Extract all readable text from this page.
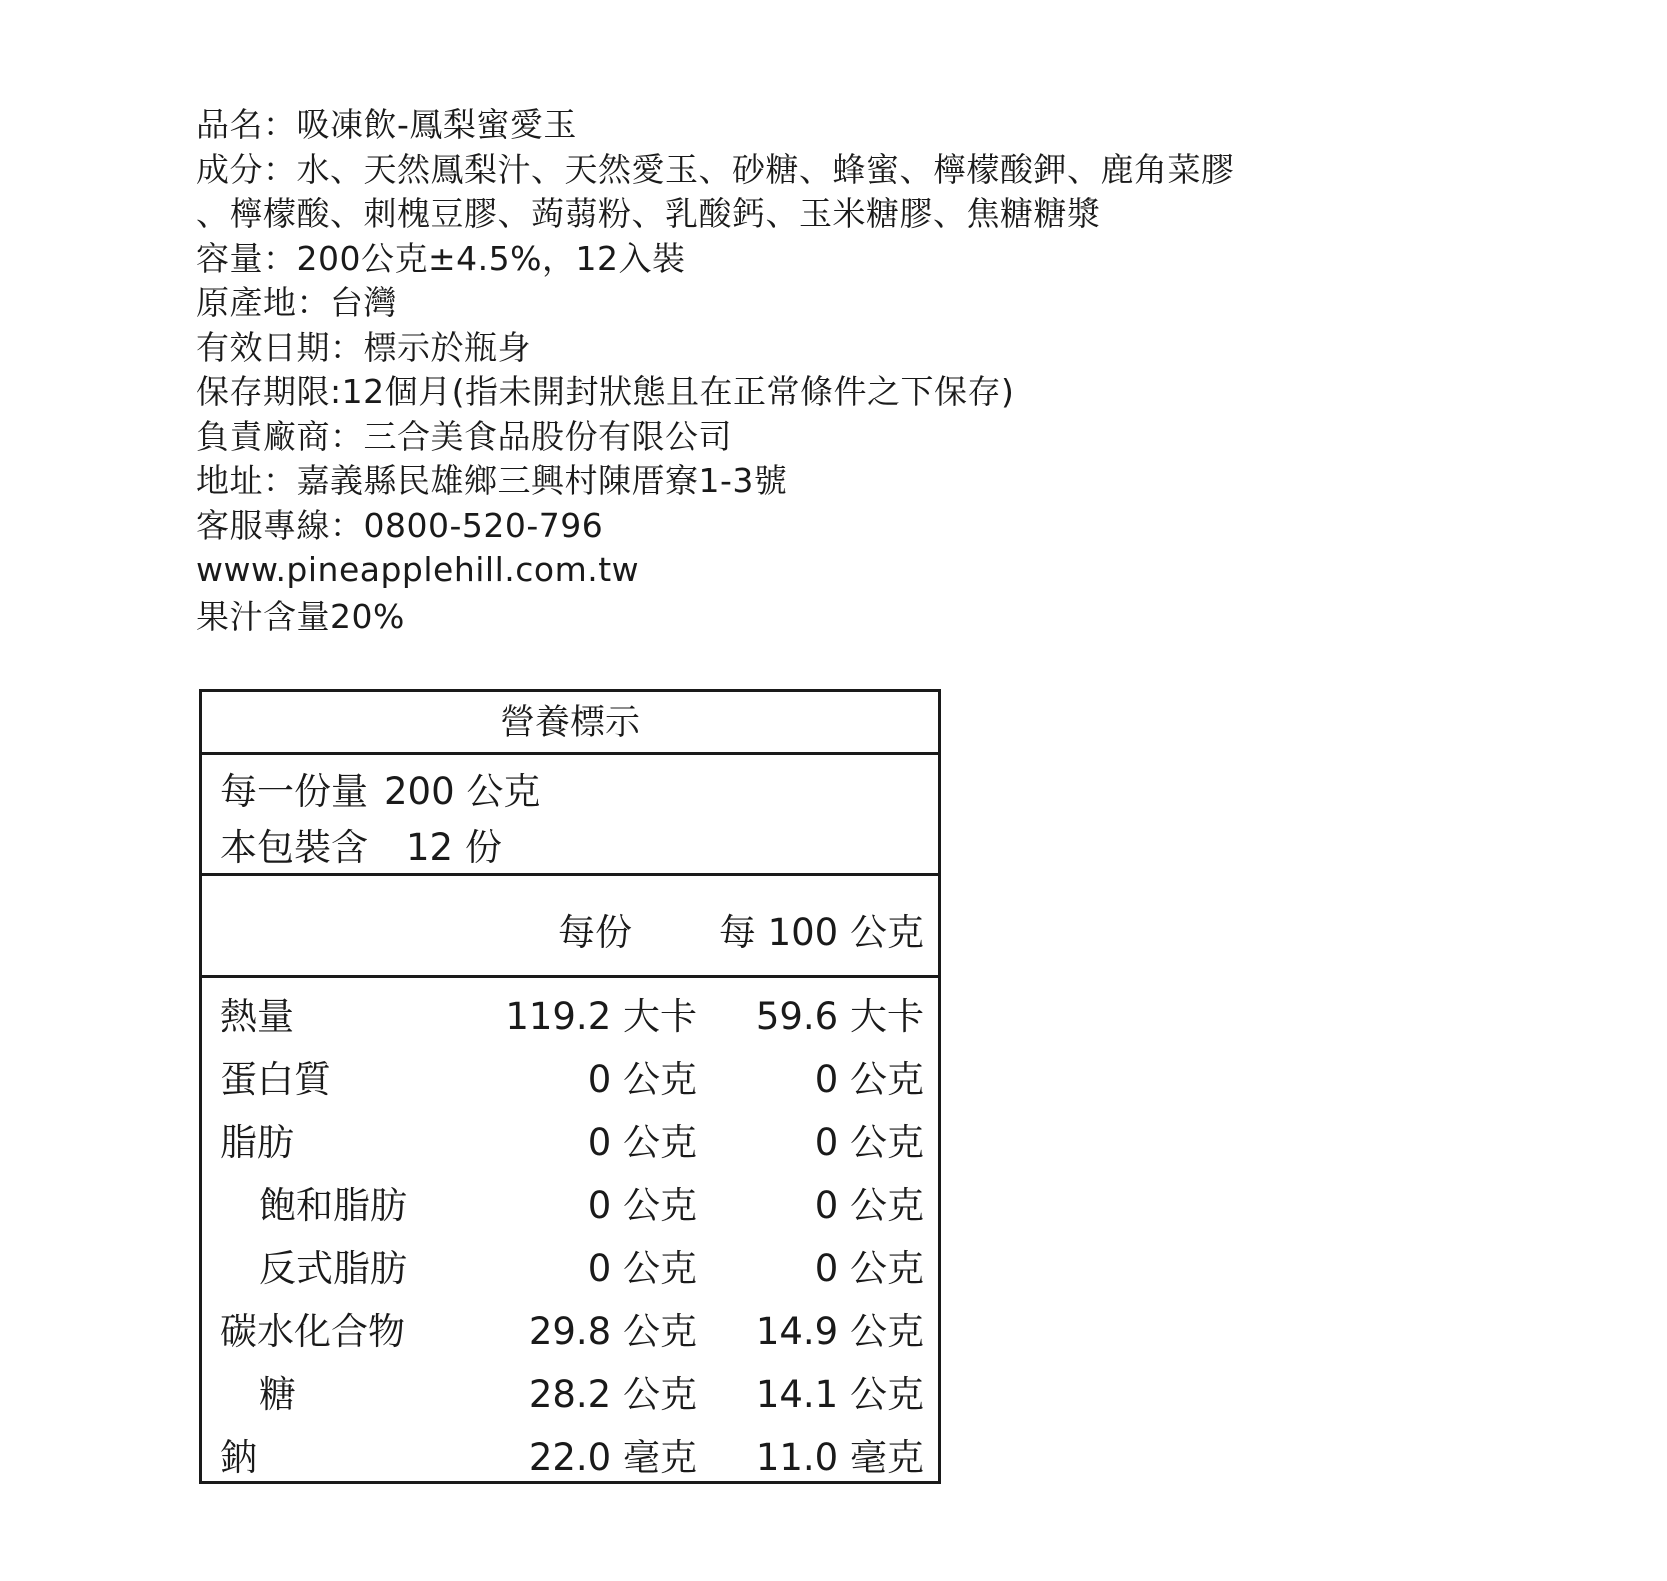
品名：吸凍飲-鳳梨蜜愛玉
成分：水、天然鳳梨汁、天然愛玉、砂糖、蜂蜜、檸檬酸鉀、鹿角菜膠
、檸檬酸、刺槐豆膠、蒟蒻粉、乳酸鈣、玉米糖膠、焦糖糖漿
容量：200公克±4.5%，12入裝
原產地：台灣
有效日期：標示於瓶身
保存期限:12個月(指未開封狀態且在正常條件之下保存)
負責廠商：三合美食品股份有限公司
地址：嘉義縣民雄鄉三興村陳厝寮1-3號
客服專線：0800-520-796
www.pineapplehill.com.tw
果汁含量20%
營養標示
每一份量 200 公克
本包裝含 12 份
每份 每 100 公克
熱量	119.2 大卡 59.6 大卡
蛋白質	0 公克	0 公克
脂肪	0 公克	0 公克
飽和脂肪	0 公克	0 公克
反式脂肪	0 公克	0 公克
碳水化合物	29.8 公克 14.9 公克
糖	28.2 公克 14.1 公克
鈉	22.0 毫克 11.0 毫克
